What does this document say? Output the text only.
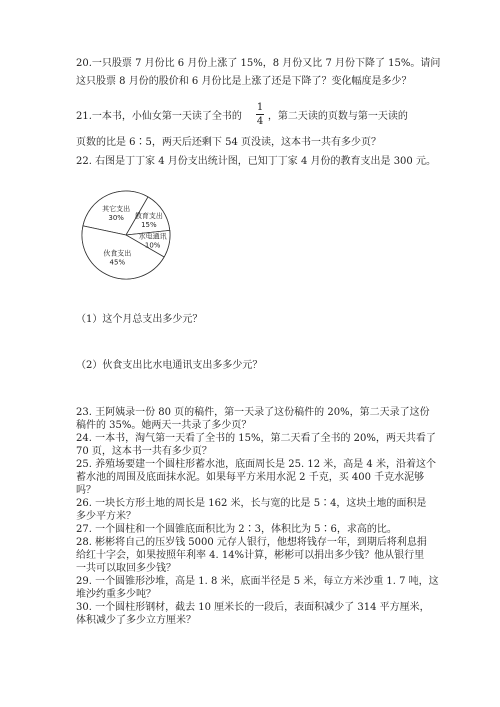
20.一只股票 7 月份比 6 月份上涨了 15%，8 月份又比 7 月份下降了 15%。请问
这只股票 8 月份的股价和 6 月份比是上涨了还是下降了？变化幅度是多少？
21.一本书，小仙女第一天读了全书的	，第二天读的页数与第一天读的
1
4
页数的比是 6∶5，两天后还剩下 54 页没读，这本书一共有多少页？
22. 右图是丁丁家 4 月份支出统计图，已知丁丁家 4 月份的教育支出是 300 元。
其它支出
30% 教育支出
15%
水电通讯
10%
伙食支出
45%
（1）这个月总支出多少元？
（2）伙食支出比水电通讯支出多多少元？
23. 王阿姨录一份 80 页的稿件，第一天录了这份稿件的 20%，第二天录了这份
稿件的 35%。她两天一共录了多少页？
24. 一本书，淘气第一天看了全书的 15%，第二天看了全书的 20%，两天共看了
70 页，这本书一共有多少页？
25. 养殖场要建一个圆柱形蓄水池，底面周长是 25. 12 米，高是 4 米，沿着这个
蓄水池的周围及底面抹水泥。如果每平方米用水泥 2 千克，买 400 千克水泥够
吗？
26. 一块长方形土地的周长是 162 米，长与宽的比是 5∶4，这块土地的面积是
多少平方米？
27. 一个圆柱和一个圆锥底面积比为 2∶3，体积比为 5∶6，求高的比。
28. 彬彬将自己的压岁钱 5000 元存人银行，他想将钱存一年，到期后将利息捐
给红十字会，如果按照年利率 4. 14%计算，彬彬可以捐出多少钱？他从银行里
一共可以取回多少钱？
29. 一个圆锥形沙堆，高是 1. 8 米，底面半径是 5 米，每立方米沙重 1. 7 吨，这
堆沙约重多少吨？
30. 一个圆柱形钢材，截去 10 厘米长的一段后，表面积减少了 314 平方厘米，
体积减少了多少立方厘米？
